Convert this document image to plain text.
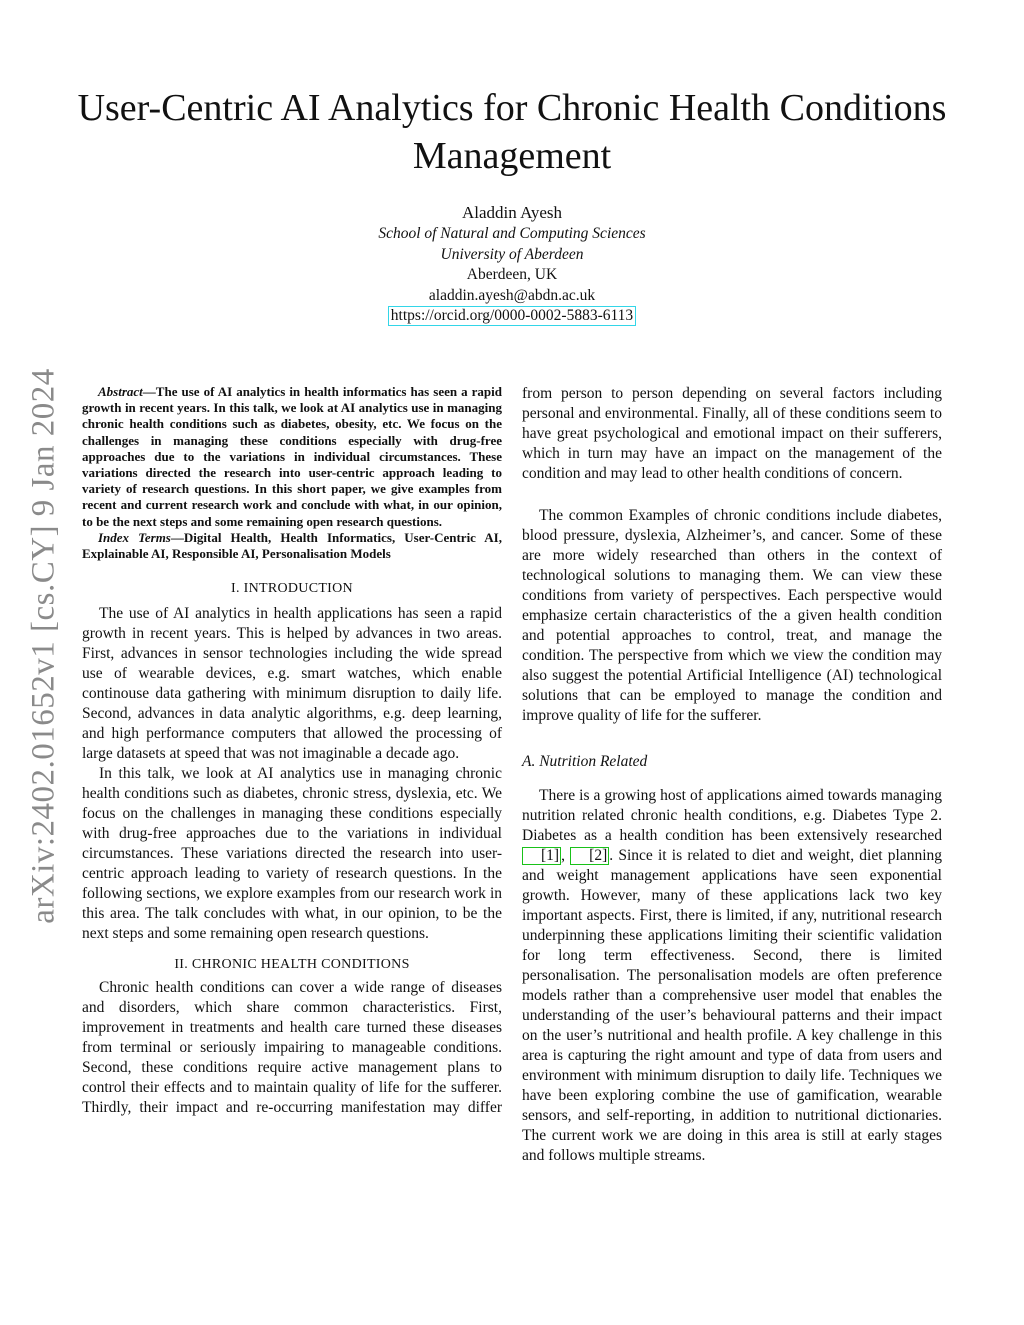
arXiv:2402.01652v1 [cs.CY] 9 Jan 2024
User-Centric AI Analytics for Chronic Health Conditions Management
Aladdin Ayesh
School of Natural and Computing Sciences
University of Aberdeen
Aberdeen, UK
aladdin.ayesh@abdn.ac.uk
https://orcid.org/0000-0002-5883-6113

Abstract—The use of AI analytics in health informatics has seen a rapid growth in recent years. In this talk, we look at AI analytics use in managing chronic health conditions such as diabetes, obesity, etc. We focus on the challenges in managing these conditions especially with drug-free approaches due to the variations in individual circumstances. These variations directed the research into user-centric approach leading to variety of research questions. In this short paper, we give examples from recent and current research work and conclude with what, in our opinion, to be the next steps and some remaining open research questions.

Index Terms—Digital Health, Health Informatics, User-Centric AI, Explainable AI, Responsible AI, Personalisation Models

I. INTRODUCTION

The use of AI analytics in health applications has seen a rapid growth in recent years. This is helped by advances in two areas. First, advances in sensor technologies including the wide spread use of wearable devices, e.g. smart watches, which enable continouse data gathering with minimum disruption to daily life. Second, advances in data analytic algorithms, e.g. deep learning, and high performance computers that allowed the processing of large datasets at speed that was not imaginable a decade ago.

In this talk, we look at AI analytics use in managing chronic health conditions such as diabetes, chronic stress, dyslexia, etc. We focus on the challenges in managing these conditions especially with drug-free approaches due to the variations in individual circumstances. These variations directed the research into user-centric approach leading to variety of research questions. In the following sections, we explore examples from our research work in this area. The talk concludes with what, in our opinion, to be the next steps and some remaining open research questions.

II. CHRONIC HEALTH CONDITIONS

Chronic health conditions can cover a wide range of diseases and disorders, which share common characteristics. First, improvement in treatments and health care turned these diseases from terminal or seriously impairing to manageable conditions. Second, these conditions require active management plans to control their effects and to maintain quality of life for the sufferer. Thirdly, their impact and re-occurring manifestation may differ

from person to person depending on several factors including personal and environmental. Finally, all of these conditions seem to have great psychological and emotional impact on their sufferers, which in turn may have an impact on the management of the condition and may lead to other health conditions of concern.

The common Examples of chronic conditions include diabetes, blood pressure, dyslexia, Alzheimer’s, and cancer. Some of these are more widely researched than others in the context of technological solutions to managing them. We can view these conditions from variety of perspectives. Each perspective would emphasize certain characteristics of the a given health condition and potential approaches to control, treat, and manage the condition. The perspective from which we view the condition may also suggest the potential Artificial Intelligence (AI) technological solutions that can be employed to manage the condition and improve quality of life for the sufferer.

A. Nutrition Related

There is a growing host of applications aimed towards managing nutrition related chronic health conditions, e.g. Diabetes Type 2. Diabetes as a health condition has been extensively researched [1] , [2] . Since it is related to diet and weight, diet planning and weight management applications have seen exponential growth. However, many of these applications lack two key important aspects. First, there is limited, if any, nutritional research underpinning these applications limiting their scientific validation for long term effectiveness. Second, there is limited personalisation. The personalisation models are often preference models rather than a comprehensive user model that enables the understanding of the user’s behavioural patterns and their impact on the user’s nutritional and health profile. A key challenge in this area is capturing the right amount and type of data from users and environment with minimum disruption to daily life. Techniques we have been exploring combine the use of gamification, wearable sensors, and self-reporting, in addition to nutritional dictionaries. The current work we are doing in this area is still at early stages and follows multiple streams.
